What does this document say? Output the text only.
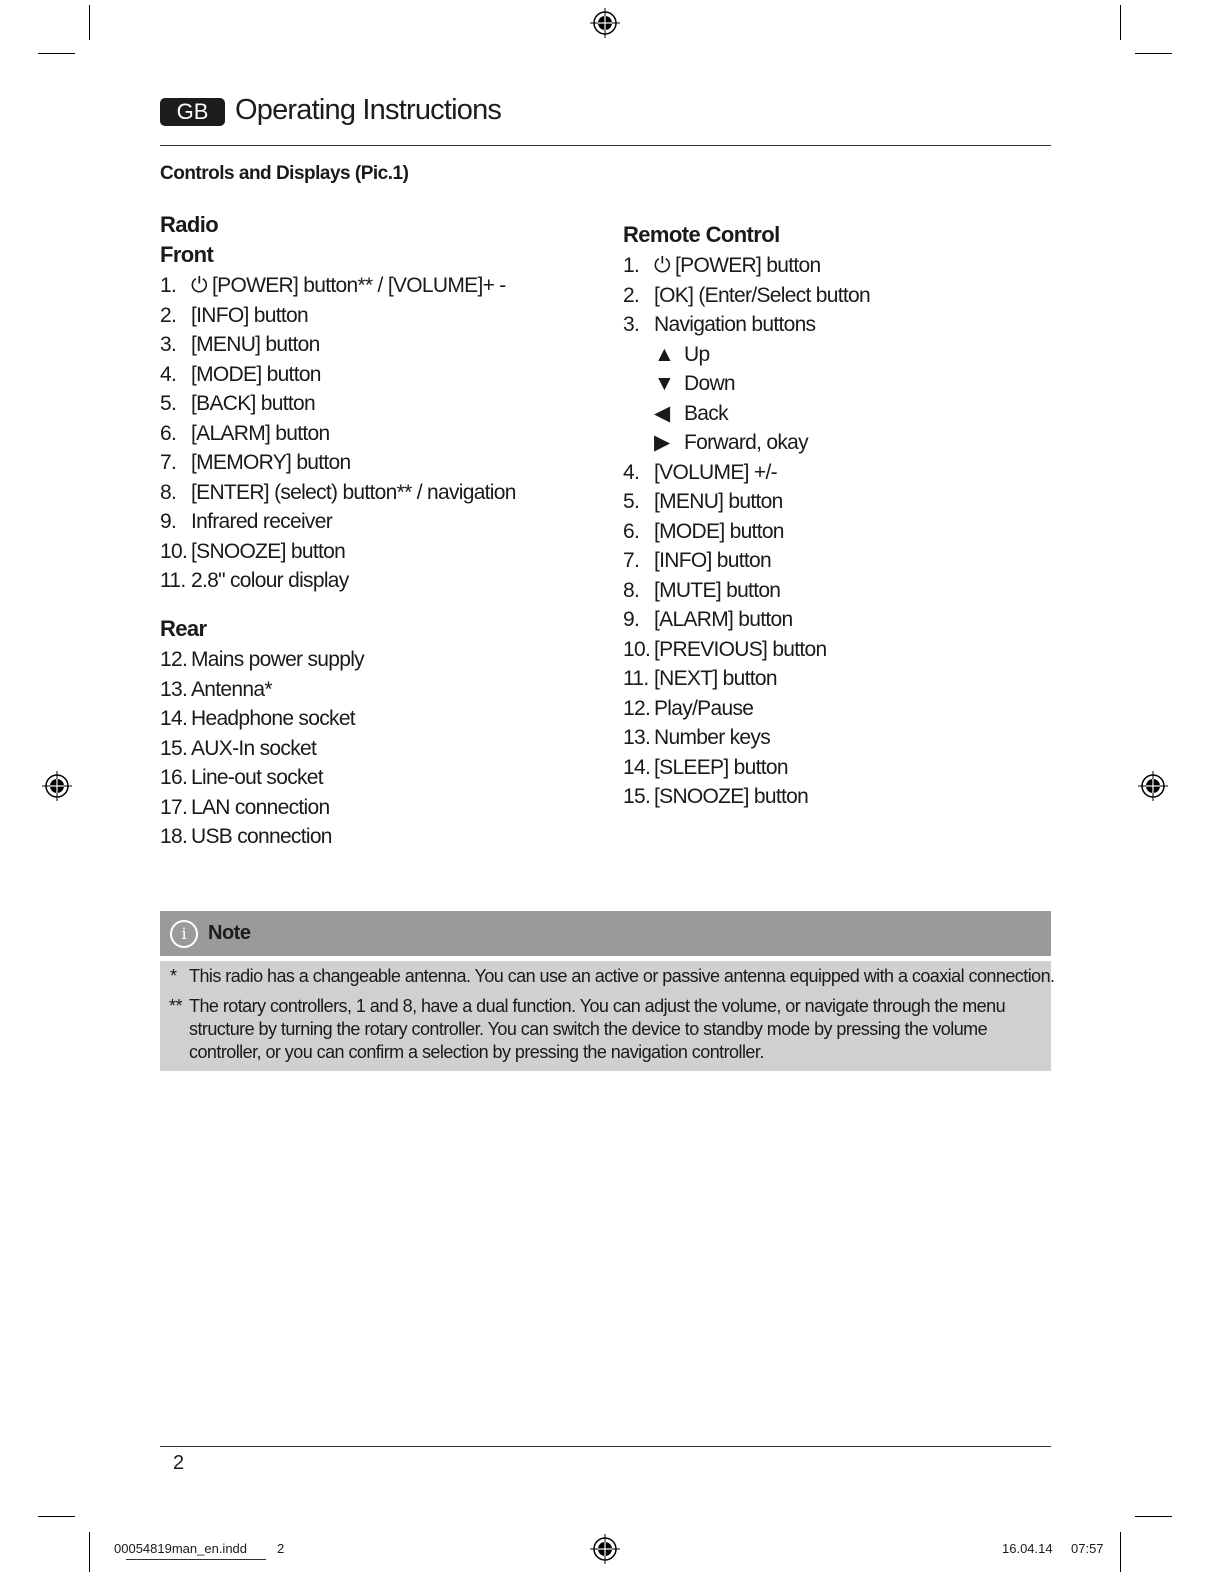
GB Operating Instructions
Controls and Displays (Pic.1)
Radio
Front
1. ⏻ [POWER] button** / [VOLUME]+ -
2. [INFO] button
3. [MENU] button
4. [MODE] button
5. [BACK] button
6. [ALARM] button
7. [MEMORY] button
8. [ENTER] (select) button** / navigation
9. Infrared receiver
10. [SNOOZE] button
11. 2.8" colour display
Rear
12. Mains power supply
13. Antenna*
14. Headphone socket
15. AUX-In socket
16. Line-out socket
17. LAN connection
18. USB connection
Remote Control
1. ⏻ [POWER] button
2. [OK] (Enter/Select button
3. Navigation buttons
▲ Up
▼ Down
◀ Back
▶ Forward, okay
4. [VOLUME] +/-
5. [MENU] button
6. [MODE] button
7. [INFO] button
8. [MUTE] button
9. [ALARM] button
10. [PREVIOUS] button
11. [NEXT] button
12. Play/Pause
13. Number keys
14. [SLEEP] button
15. [SNOOZE] button
i	Note
* This radio has a changeable antenna. You can use an active or passive antenna equipped with a coaxial connection.
** The rotary controllers, 1 and 8, have a dual function. You can adjust the volume, or navigate through the menu
structure by turning the rotary controller. You can switch the device to standby mode by pressing the volume
controller, or you can confirm a selection by pressing the navigation controller.
2
00054819man_en.indd 2	16.04.14 07:57
